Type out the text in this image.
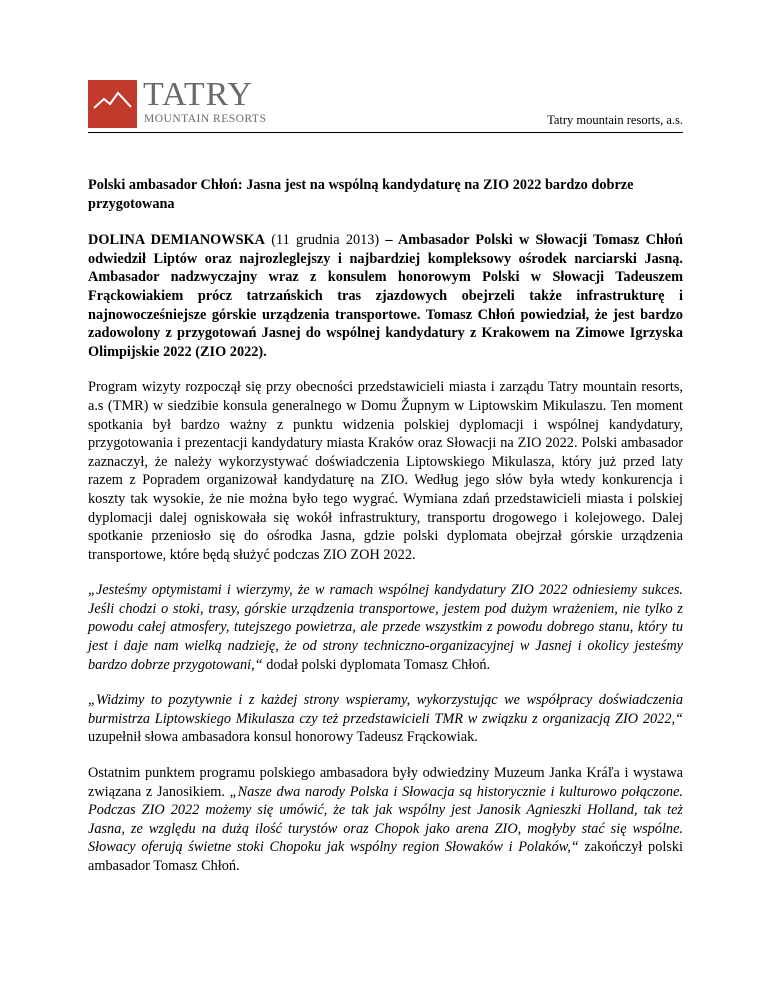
TATRY
MOUNTAIN RESORTS	Tatry mountain resorts, a.s.

Polski ambasador Chłoń: Jasna jest na wspólną kandydaturę na ZIO 2022 bardzo dobrze przygotowana

DOLINA DEMIANOWSKA (11 grudnia 2013) – Ambasador Polski w Słowacji Tomasz Chłoń odwiedził Liptów oraz najrozleglejszy i najbardziej kompleksowy ośrodek narciarski Jasną. Ambasador nadzwyczajny wraz z konsulem honorowym Polski w Słowacji Tadeuszem Frąckowiakiem prócz tatrzańskich tras zjazdowych obejrzeli także infrastrukturę i najnowocześniejsze górskie urządzenia transportowe. Tomasz Chłoń powiedział, że jest bardzo zadowolony z przygotowań Jasnej do wspólnej kandydatury z Krakowem na Zimowe Igrzyska Olimpijskie 2022 (ZIO 2022).

Program wizyty rozpoczął się przy obecności przedstawicieli miasta i zarządu Tatry mountain resorts, a.s (TMR) w siedzibie konsula generalnego w Domu Župnym w Liptowskim Mikulaszu. Ten moment spotkania był bardzo ważny z punktu widzenia polskiej dyplomacji i wspólnej kandydatury, przygotowania i prezentacji kandydatury miasta Kraków oraz Słowacji na ZIO 2022. Polski ambasador zaznaczył, że należy wykorzystywać doświadczenia Liptowskiego Mikulasza, który już przed laty razem z Popradem organizował kandydaturę na ZIO. Według jego słów była wtedy konkurencja i koszty tak wysokie, że nie można było tego wygrać. Wymiana zdań przedstawicieli miasta i polskiej dyplomacji dalej ogniskowała się wokół infrastruktury, transportu drogowego i kolejowego. Dalej spotkanie przeniosło się do ośrodka Jasna, gdzie polski dyplomata obejrzał górskie urządzenia transportowe, które będą służyć podczas ZIO ZOH 2022.

„Jesteśmy optymistami i wierzymy, że w ramach wspólnej kandydatury ZIO 2022 odniesiemy sukces. Jeśli chodzi o stoki, trasy, górskie urządzenia transportowe, jestem pod dużym wrażeniem, nie tylko z powodu całej atmosfery, tutejszego powietrza, ale przede wszystkim z powodu dobrego stanu, który tu jest i daje nam wielką nadzieję, że od strony techniczno-organizacyjnej w Jasnej i okolicy jesteśmy bardzo dobrze przygotowani,“ dodał polski dyplomata Tomasz Chłoń.

„Widzimy to pozytywnie i z każdej strony wspieramy, wykorzystując we współpracy doświadczenia burmistrza Liptowskiego Mikulasza czy też przedstawicieli TMR w związku z organizacją ZIO 2022,“ uzupełnił słowa ambasadora konsul honorowy Tadeusz Frąckowiak.

Ostatnim punktem programu polskiego ambasadora były odwiedziny Muzeum Janka Kráľa i wystawa związana z Janosikiem. „Nasze dwa narody Polska i Słowacja są historycznie i kulturowo połączone. Podczas ZIO 2022 możemy się umówić, że tak jak wspólny jest Janosik Agnieszki Holland, tak też Jasna, ze względu na dużą ilość turystów oraz Chopok jako arena ZIO, mogłyby stać się wspólne. Słowacy oferują świetne stoki Chopoku jak wspólny region Słowaków i Polaków,“ zakończył polski ambasador Tomasz Chłoń.
